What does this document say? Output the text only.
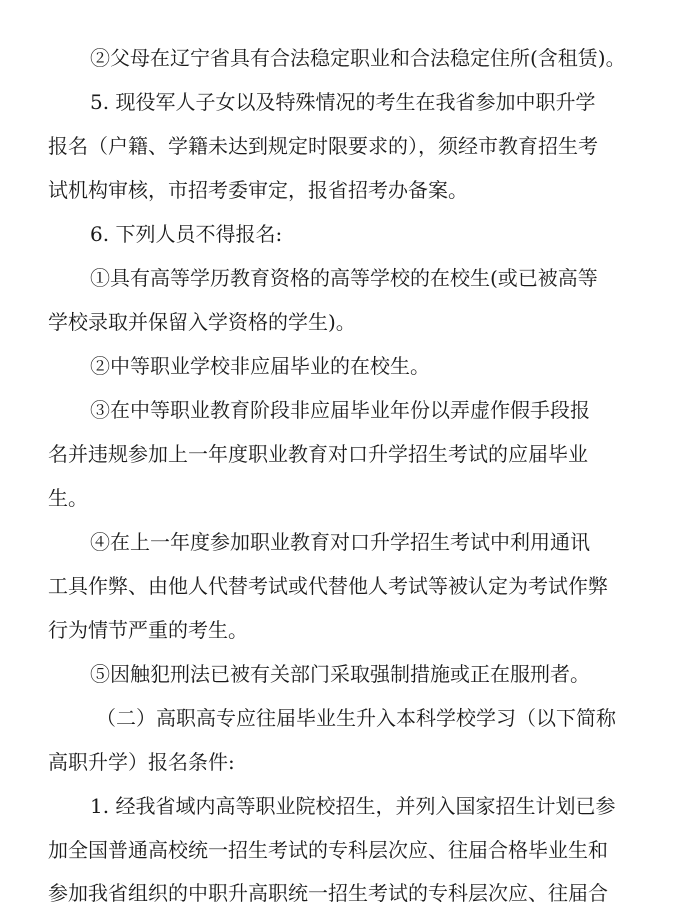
②父母在辽宁省具有合法稳定职业和合法稳定住所(含租赁)。
5. 现役军人子女以及特殊情况的考生在我省参加中职升学
报名（户籍、学籍未达到规定时限要求的），须经市教育招生考
试机构审核，市招考委审定，报省招考办备案。
6. 下列人员不得报名:
①具有高等学历教育资格的高等学校的在校生(或已被高等
学校录取并保留入学资格的学生)。
②中等职业学校非应届毕业的在校生。
③在中等职业教育阶段非应届毕业年份以弄虚作假手段报
名并违规参加上一年度职业教育对口升学招生考试的应届毕业
生。
④在上一年度参加职业教育对口升学招生考试中利用通讯
工具作弊、由他人代替考试或代替他人考试等被认定为考试作弊
行为情节严重的考生。
⑤因触犯刑法已被有关部门采取强制措施或正在服刑者。
（二）高职高专应往届毕业生升入本科学校学习（以下简称
高职升学）报名条件:
1. 经我省域内高等职业院校招生，并列入国家招生计划已参
加全国普通高校统一招生考试的专科层次应、往届合格毕业生和
参加我省组织的中职升高职统一招生考试的专科层次应、往届合
